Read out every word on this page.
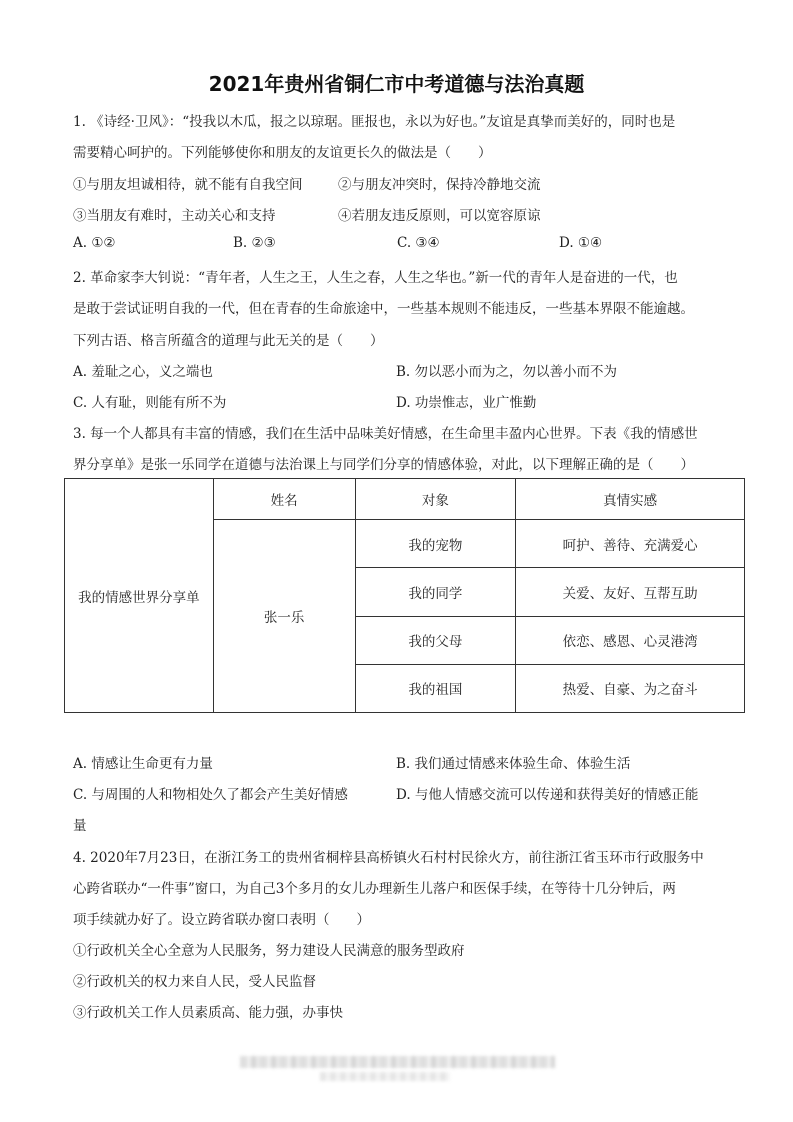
2021年贵州省铜仁市中考道德与法治真题
1. 《诗经·卫风》：“投我以木瓜，报之以琼琚。匪报也，永以为好也。”友谊是真挚而美好的，同时也是
需要精心呵护的。下列能够使你和朋友的友谊更长久的做法是（　　）
①与朋友坦诚相待，就不能有自我空间	②与朋友冲突时，保持冷静地交流
③当朋友有难时，主动关心和支持	④若朋友违反原则，可以宽容原谅
A. ①②	B. ②③	C. ③④	D. ①④
2. 革命家李大钊说：“青年者，人生之王，人生之春，人生之华也。”新一代的青年人是奋进的一代，也
是敢于尝试证明自我的一代，但在青春的生命旅途中，一些基本规则不能违反，一些基本界限不能逾越。
下列古语、格言所蕴含的道理与此无关的是（　　）
A. 羞耻之心，义之端也	B. 勿以恶小而为之，勿以善小而不为
C. 人有耻，则能有所不为	D. 功崇惟志，业广惟勤
3. 每一个人都具有丰富的情感，我们在生活中品味美好情感，在生命里丰盈内心世界。下表《我的情感世
界分享单》是张一乐同学在道德与法治课上与同学们分享的情感体验，对此，以下理解正确的是（　　）
我的情感世界分享单	姓名	对象	真情实感
	张一乐	我的宠物	呵护、善待、充满爱心
		我的同学	关爱、友好、互帮互助
		我的父母	依恋、感恩、心灵港湾
		我的祖国	热爱、自豪、为之奋斗
A. 情感让生命更有力量	B. 我们通过情感来体验生命、体验生活
C. 与周围的人和物相处久了都会产生美好情感	D. 与他人情感交流可以传递和获得美好的情感正能
量
4. 2020年7月23日，在浙江务工的贵州省桐梓县高桥镇火石村村民徐火方，前往浙江省玉环市行政服务中
心跨省联办“一件事”窗口，为自己3个多月的女儿办理新生儿落户和医保手续，在等待十几分钟后，两
项手续就办好了。设立跨省联办窗口表明（　　）
①行政机关全心全意为人民服务，努力建设人民满意的服务型政府
②行政机关的权力来自人民，受人民监督
③行政机关工作人员素质高、能力强，办事快
